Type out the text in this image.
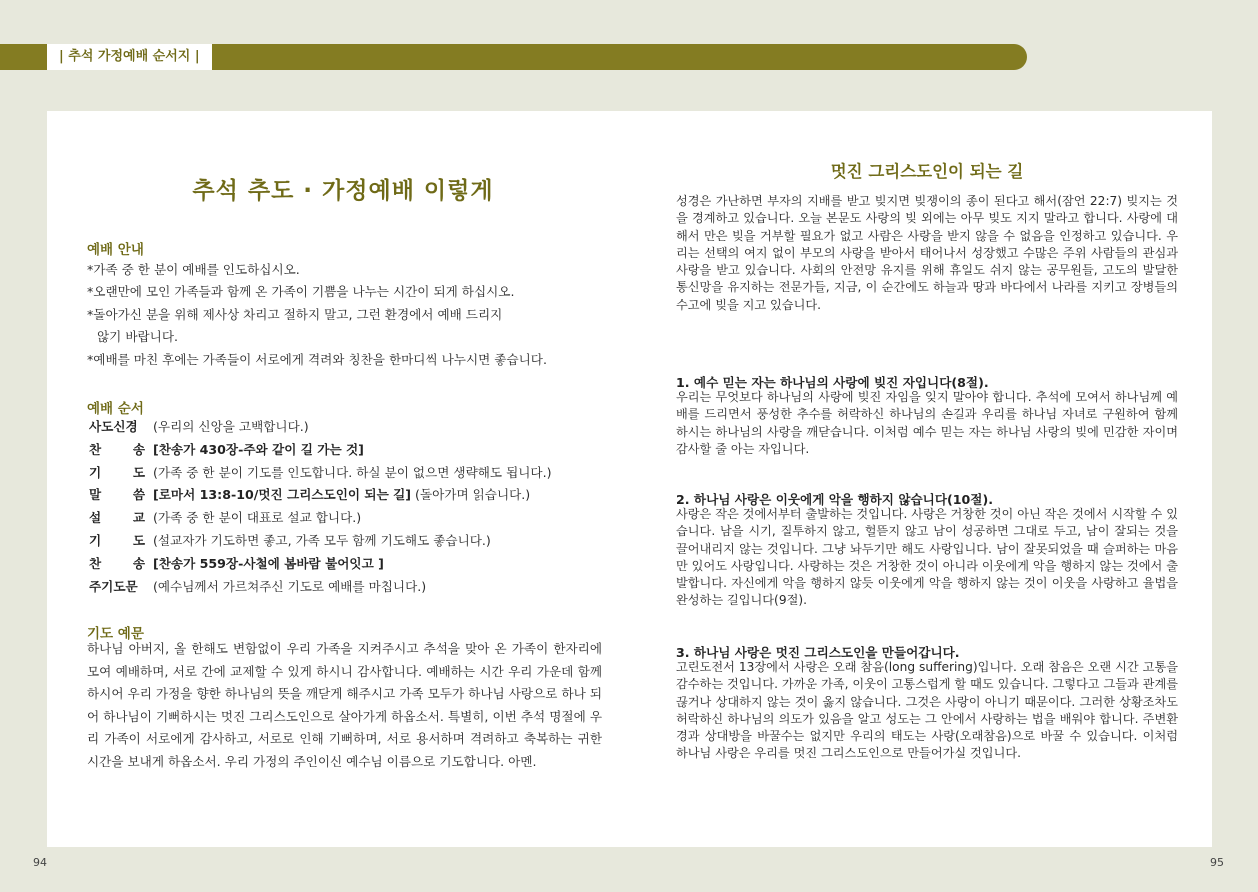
| 추석 가정예배 순서지 |
추석 추도 · 가정예배 이렇게
예배 안내
*가족 중 한 분이 예배를 인도하십시오.
*오랜만에 모인 가족들과 함께 온 가족이 기쁨을 나누는 시간이 되게 하십시오.
*돌아가신 분을 위해 제사상 차리고 절하지 말고, 그런 환경에서 예배 드리지
않기 바랍니다.
*예배를 마친 후에는 가족들이 서로에게 격려와 칭찬을 한마디씩 나누시면 좋습니다.
예배 순서
사도신경 (우리의 신앙을 고백합니다.)
찬	송 [찬송가 430장-주와 같이 길 가는 것]
기	도 (가족 중 한 분이 기도를 인도합니다. 하실 분이 없으면 생략해도 됩니다.)
말	씀 [로마서 13:8-10/멋진 그리스도인이 되는 길] (돌아가며 읽습니다.)
설	교 (가족 중 한 분이 대표로 설교 합니다.)
기	도 (설교자가 기도하면 좋고, 가족 모두 함께 기도해도 좋습니다.)
찬	송 [찬송가 559장-사철에 봄바람 불어잇고 ]
주기도문 (예수님께서 가르쳐주신 기도로 예배를 마칩니다.)
기도 예문
하나님 아버지, 올 한해도 변함없이 우리 가족을 지켜주시고 추석을 맞아 온 가족이 한자리에 모여 예배하며, 서로 간에 교제할 수 있게 하시니 감사합니다. 예배하는 시간 우리 가운데 함께 하시어 우리 가정을 향한 하나님의 뜻을 깨닫게 해주시고 가족 모두가 하나님 사랑으로 하나 되어 하나님이 기뻐하시는 멋진 그리스도인으로 살아가게 하옵소서. 특별히, 이번 추석 명절에 우리 가족이 서로에게 감사하고, 서로로 인해 기뻐하며, 서로 용서하며 격려하고 축복하는 귀한 시간을 보내게 하옵소서. 우리 가정의 주인이신 예수님 이름으로 기도합니다. 아멘.
멋진 그리스도인이 되는 길
성경은 가난하면 부자의 지배를 받고 빚지면 빚쟁이의 종이 된다고 해서(잠언 22:7) 빚지는 것을 경계하고 있습니다. 오늘 본문도 사랑의 빚 외에는 아무 빚도 지지 말라고 합니다. 사랑에 대해서 만은 빚을 거부할 필요가 없고 사람은 사랑을 받지 않을 수 없음을 인정하고 있습니다. 우리는 선택의 여지 없이 부모의 사랑을 받아서 태어나서 성장했고 수많은 주위 사람들의 관심과 사랑을 받고 있습니다. 사회의 안전망 유지를 위해 휴일도 쉬지 않는 공무원들, 고도의 발달한 통신망을 유지하는 전문가들, 지금, 이 순간에도 하늘과 땅과 바다에서 나라를 지키고 장병들의 수고에 빚을 지고 있습니다.
1. 예수 믿는 자는 하나님의 사랑에 빚진 자입니다(8절).
우리는 무엇보다 하나님의 사랑에 빚진 자임을 잊지 말아야 합니다. 추석에 모여서 하나님께 예배를 드리면서 풍성한 추수를 허락하신 하나님의 손길과 우리를 하나님 자녀로 구원하여 함께 하시는 하나님의 사랑을 깨닫습니다. 이처럼 예수 믿는 자는 하나님 사랑의 빚에 민감한 자이며 감사할 줄 아는 자입니다.
2. 하나님 사랑은 이웃에게 악을 행하지 않습니다(10절).
사랑은 작은 것에서부터 출발하는 것입니다. 사랑은 거창한 것이 아닌 작은 것에서 시작할 수 있습니다. 남을 시기, 질투하지 않고, 헐뜯지 않고 남이 성공하면 그대로 두고, 남이 잘되는 것을 끌어내리지 않는 것입니다. 그냥 놔두기만 해도 사랑입니다. 남이 잘못되었을 때 슬퍼하는 마음만 있어도 사랑입니다. 사랑하는 것은 거창한 것이 아니라 이웃에게 악을 행하지 않는 것에서 출발합니다. 자신에게 악을 행하지 않듯 이웃에게 악을 행하지 않는 것이 이웃을 사랑하고 율법을 완성하는 길입니다(9절).
3. 하나님 사랑은 멋진 그리스도인을 만들어갑니다.
고린도전서 13장에서 사랑은 오래 참음(long suffering)입니다. 오래 참음은 오랜 시간 고통을 감수하는 것입니다. 가까운 가족, 이웃이 고통스럽게 할 때도 있습니다. 그렇다고 그들과 관계를 끊거나 상대하지 않는 것이 옳지 않습니다. 그것은 사랑이 아니기 때문이다. 그러한 상황조차도 허락하신 하나님의 의도가 있음을 알고 성도는 그 안에서 사랑하는 법을 배워야 합니다. 주변환경과 상대방을 바꿀수는 없지만 우리의 태도는 사랑(오래참음)으로 바꿀 수 있습니다. 이처럼 하나님 사랑은 우리를 멋진 그리스도인으로 만들어가실 것입니다.
94	95
